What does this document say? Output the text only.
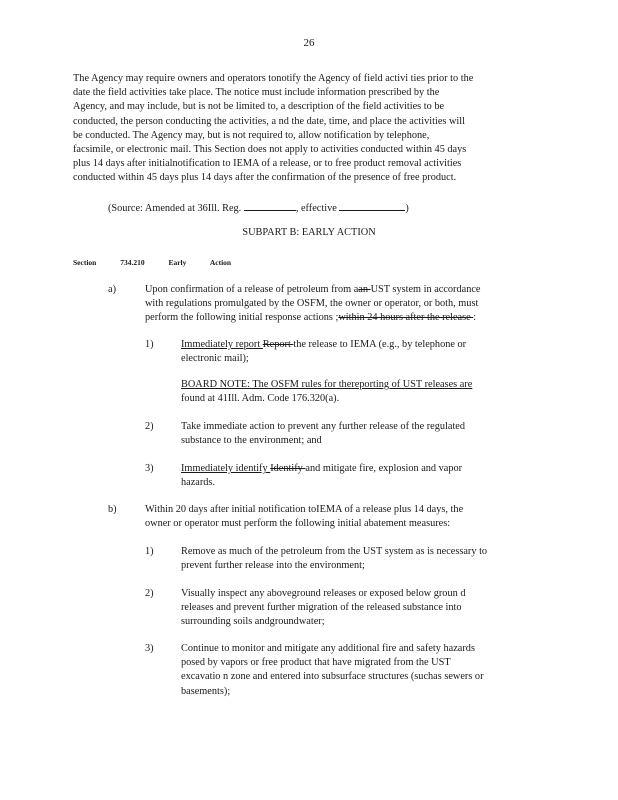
26

The Agency may require owners and operators tonotify the Agency of field activi ties prior to the

date the field activities take place. The notice must include information prescribed by the

Agency, and may include, but is not be limited to, a description of the field activities to be

conducted, the person conducting the activities, a nd the date, time, and place the activities will

be conducted. The Agency may, but is not required to, allow notification by telephone,

facsimile, or electronic mail. This Section does not apply to activities conducted within 45 days

plus 14 days after initialnotification to IEMA of a release, or to free product removal activities

conducted within 45 days plus 14 days after the confirmation of the presence of free product.

(Source: Amended at 36Ill. Reg.	, effective	)
SUBPART B: EARLY ACTION
Section	734.210	Early	Action
a)	Upon confirmation of a release of petroleum from aan UST system in accordance

with regulations promulgated by the OSFM, the owner or operator, or both, must

perform the following initial response actions ;within 24 hours after the release :

1)	Immediately report Report the release to IEMA (e.g., by telephone or

electronic mail);

BOARD NOTE: The OSFM rules for thereporting of UST releases are

found at 41Ill. Adm. Code 176.320(a).

2)	Take immediate action to prevent any further release of the regulated

substance to the environment; and

3)	Immediately identify Identify and mitigate fire, explosion and vapor

hazards.

b)	Within 20 days after initial notification toIEMA of a release plus 14 days, the

owner or operator must perform the following initial abatement measures:

1)	Remove as much of the petroleum from the UST system as is necessary to

prevent further release into the environment;

2)	Visually inspect any aboveground releases or exposed below groun d

releases and prevent further migration of the released substance into

surrounding soils andgroundwater;

3)	Continue to monitor and mitigate any additional fire and safety hazards

posed by vapors or free product that have migrated from the UST

excavatio n zone and entered into subsurface structures (suchas sewers or

basements);
